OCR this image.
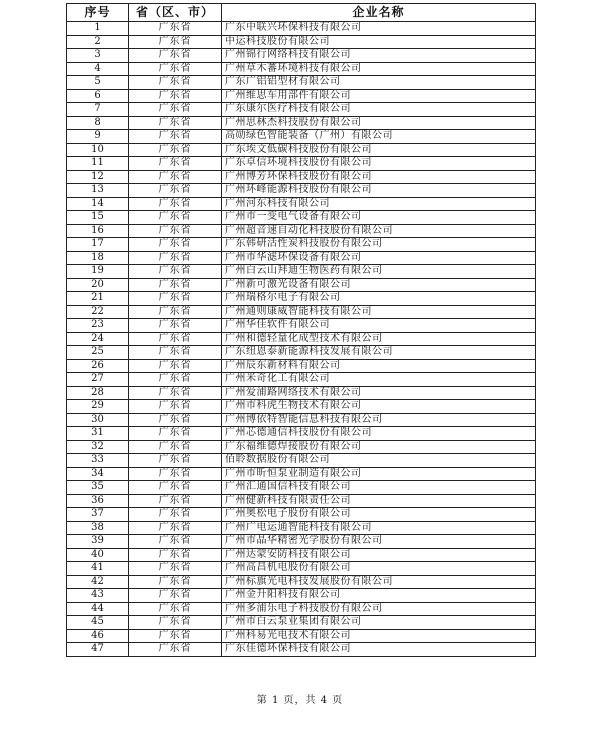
序号	省（区、市）	企业名称
1	广东省	广东中联兴环保科技有限公司
2	广东省	中运科技股份有限公司
3	广东省	广州锦行网络科技有限公司
4	广东省	广州草木蕃环境科技有限公司
5	广东省	广东广铝铝型材有限公司
6	广东省	广州维思车用部件有限公司
7	广东省	广东康尔医疗科技有限公司
8	广东省	广州思林杰科技股份有限公司
9	广东省	高勋绿色智能装备（广州）有限公司
10	广东省	广东埃文低碳科技股份有限公司
11	广东省	广东卓信环境科技股份有限公司
12	广东省	广州博芳环保科技股份有限公司
13	广东省	广州环峰能源科技股份有限公司
14	广东省	广州河东科技有限公司
15	广东省	广州市一变电气设备有限公司
16	广东省	广州超音速自动化科技股份有限公司
17	广东省	广东韩研活性炭科技股份有限公司
18	广东省	广州市华滤环保设备有限公司
19	广东省	广州白云山拜迪生物医药有限公司
20	广东省	广州新可激光设备有限公司
21	广东省	广州瑞格尔电子有限公司
22	广东省	广州通则康威智能科技有限公司
23	广东省	广州华佳软件有限公司
24	广东省	广州和德轻量化成型技术有限公司
25	广东省	广东纽恩泰新能源科技发展有限公司
26	广东省	广州辰东新材料有限公司
27	广东省	广州米奇化工有限公司
28	广东省	广州爱浦路网络技术有限公司
29	广东省	广州市科虎生物技术有限公司
30	广东省	广州博依特智能信息科技有限公司
31	广东省	广州芯德通信科技股份有限公司
32	广东省	广东福维德焊接股份有限公司
33	广东省	佰聆数据股份有限公司
34	广东省	广州市昕恒泵业制造有限公司
35	广东省	广州汇通国信科技有限公司
36	广东省	广州健新科技有限责任公司
37	广东省	广州奥松电子股份有限公司
38	广东省	广州广电运通智能科技有限公司
39	广东省	广州市晶华精密光学股份有限公司
40	广东省	广州达蒙安防科技有限公司
41	广东省	广州高昌机电股份有限公司
42	广东省	广州标旗光电科技发展股份有限公司
43	广东省	广州金升阳科技有限公司
44	广东省	广州多浦乐电子科技股份有限公司
45	广东省	广州市白云泵业集团有限公司
46	广东省	广州科易光电技术有限公司
47	广东省	广东佳德环保科技有限公司
第 1 页，共 4 页
